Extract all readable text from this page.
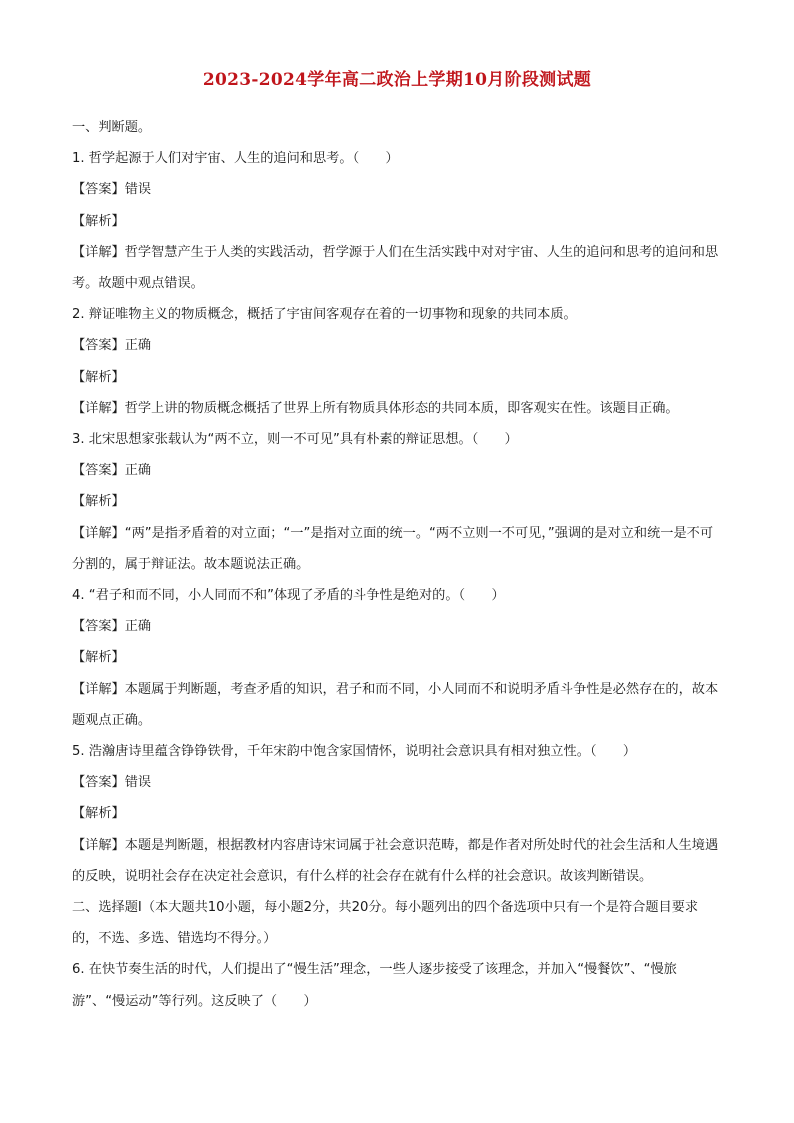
2023-2024学年高二政治上学期10月阶段测试题

一、判断题。

1. 哲学起源于人们对宇宙、人生的追问和思考。（　　）

【答案】错误

【解析】

【详解】哲学智慧产生于人类的实践活动，哲学源于人们在生活实践中对对宇宙、人生的追问和思考的追问和思考。故题中观点错误。

2. 辩证唯物主义的物质概念，概括了宇宙间客观存在着的一切事物和现象的共同本质。

【答案】正确

【解析】

【详解】哲学上讲的物质概念概括了世界上所有物质具体形态的共同本质，即客观实在性。该题目正确。

3. 北宋思想家张载认为“两不立，则一不可见”具有朴素的辩证思想。（　　）

【答案】正确

【解析】

【详解】“两”是指矛盾着的对立面；“一”是指对立面的统一。“两不立则一不可见，”强调的是对立和统一是不可分割的，属于辩证法。故本题说法正确。

4. “君子和而不同，小人同而不和”体现了矛盾的斗争性是绝对的。（　　）

【答案】正确

【解析】

【详解】本题属于判断题，考查矛盾的知识，君子和而不同，小人同而不和说明矛盾斗争性是必然存在的，故本题观点正确。

5. 浩瀚唐诗里蕴含铮铮铁骨，千年宋韵中饱含家国情怀，说明社会意识具有相对独立性。（　　）

【答案】错误

【解析】

【详解】本题是判断题，根据教材内容唐诗宋词属于社会意识范畴，都是作者对所处时代的社会生活和人生境遇的反映，说明社会存在决定社会意识，有什么样的社会存在就有什么样的社会意识。故该判断错误。

二、选择题Ⅰ（本大题共10小题，每小题2分，共20分。每小题列出的四个备选项中只有一个是符合题目要求的，不选、多选、错选均不得分。）

6. 在快节奏生活的时代，人们提出了“慢生活”理念，一些人逐步接受了该理念，并加入“慢餐饮”、“慢旅游”、“慢运动”等行列。这反映了（　　）
